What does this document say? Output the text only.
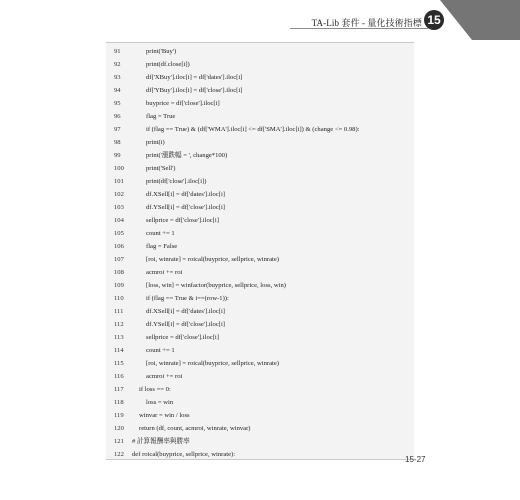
TA-Lib 套件 - 量化技術指標 15
91	print('Buy')
92	print(df.close[i])
93	df['XBuy'].iloc[i] = df['dates'].iloc[i]
94	df['YBuy'].iloc[i] = df['close'].iloc[i]
95	buyprice = df['close'].iloc[i]
96	flag = True
97	if (flag == True) & (df['WMA'].iloc[i] <= df['SMA'].iloc[i]) & (change <= 0.98):
98	print(i)
99	print('漲跌幅 = ', change*100)
100	print('Sell')
101	print(df['close'].iloc[i])
102	df.XSell[i] = df['dates'].iloc[i]
103	df.YSell[i] = df['close'].iloc[i]
104	sellprice = df['close'].iloc[i]
105	count += 1
106	flag = False
107	[roi, winrate] = roical(buyprice, sellprice, winrate)
108	acmroi += roi
109	[loss, win] = winfactor(buyprice, sellprice, loss, win)
110	if (flag == True & i==(row-1)):
111	df.XSell[i] = df['dates'].iloc[i]
112	df.YSell[i] = df['close'].iloc[i]
113	sellprice = df['close'].iloc[i]
114	count += 1
115	[roi, winrate] = roical(buyprice, sellprice, winrate)
116	acmroi += roi
117	if loss == 0:
118	loss = win
119	winvar = win / loss
120	return (df, count, acmroi, winrate, winvar)
121	# 計算報酬率與勝率
122	def roical(buyprice, sellprice, winrate):
15-27
